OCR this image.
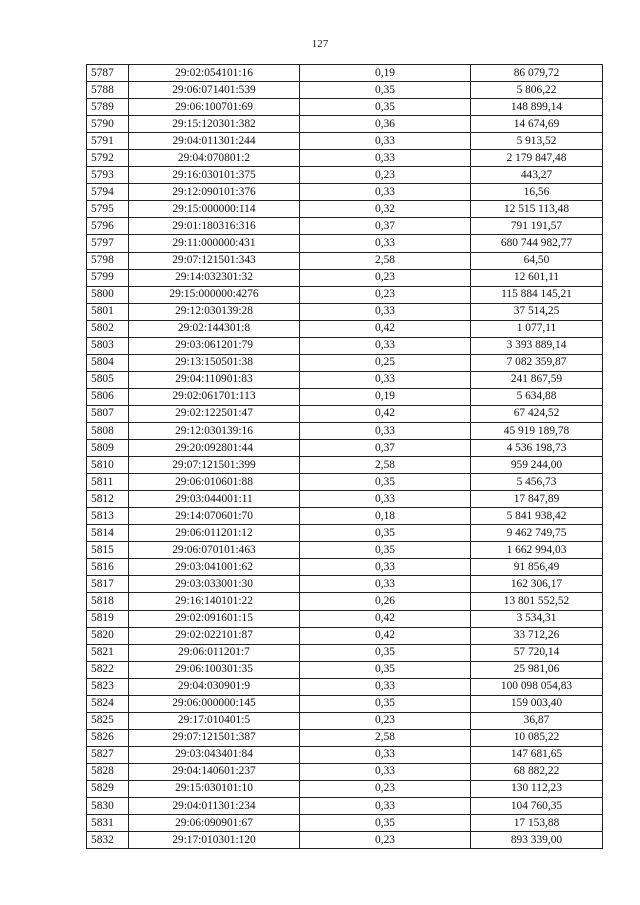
127
5787	29:02:054101:16	0,19	86 079,72
5788	29:06:071401:539	0,35	5 806,22
5789	29:06:100701:69	0,35	148 899,14
5790	29:15:120301:382	0,36	14 674,69
5791	29:04:011301:244	0,33	5 913,52
5792	29:04:070801:2	0,33	2 179 847,48
5793	29:16:030101:375	0,23	443,27
5794	29:12:090101:376	0,33	16,56
5795	29:15:000000:114	0,32	12 515 113,48
5796	29:01:180316:316	0,37	791 191,57
5797	29:11:000000:431	0,33	680 744 982,77
5798	29:07:121501:343	2,58	64,50
5799	29:14:032301:32	0,23	12 601,11
5800	29:15:000000:4276	0,23	115 884 145,21
5801	29:12:030139:28	0,33	37 514,25
5802	29:02:144301:8	0,42	1 077,11
5803	29:03:061201:79	0,33	3 393 889,14
5804	29:13:150501:38	0,25	7 082 359,87
5805	29:04:110901:83	0,33	241 867,59
5806	29:02:061701:113	0,19	5 634,88
5807	29:02:122501:47	0,42	67 424,52
5808	29:12:030139:16	0,33	45 919 189,78
5809	29:20:092801:44	0,37	4 536 198,73
5810	29:07:121501:399	2,58	959 244,00
5811	29:06:010601:88	0,35	5 456,73
5812	29:03:044001:11	0,33	17 847,89
5813	29:14:070601:70	0,18	5 841 938,42
5814	29:06:011201:12	0,35	9 462 749,75
5815	29:06:070101:463	0,35	1 662 994,03
5816	29:03:041001:62	0,33	91 856,49
5817	29:03:033001:30	0,33	162 306,17
5818	29:16:140101:22	0,26	13 801 552,52
5819	29:02:091601:15	0,42	3 534,31
5820	29:02:022101:87	0,42	33 712,26
5821	29:06:011201:7	0,35	57 720,14
5822	29:06:100301:35	0,35	25 981,06
5823	29:04:030901:9	0,33	100 098 054,83
5824	29:06:000000:145	0,35	159 003,40
5825	29:17:010401:5	0,23	36,87
5826	29:07:121501:387	2,58	10 085,22
5827	29:03:043401:84	0,33	147 681,65
5828	29:04:140601:237	0,33	68 882,22
5829	29:15:030101:10	0,23	130 112,23
5830	29:04:011301:234	0,33	104 760,35
5831	29:06:090901:67	0,35	17 153,88
5832	29:17:010301:120	0,23	893 339,00
